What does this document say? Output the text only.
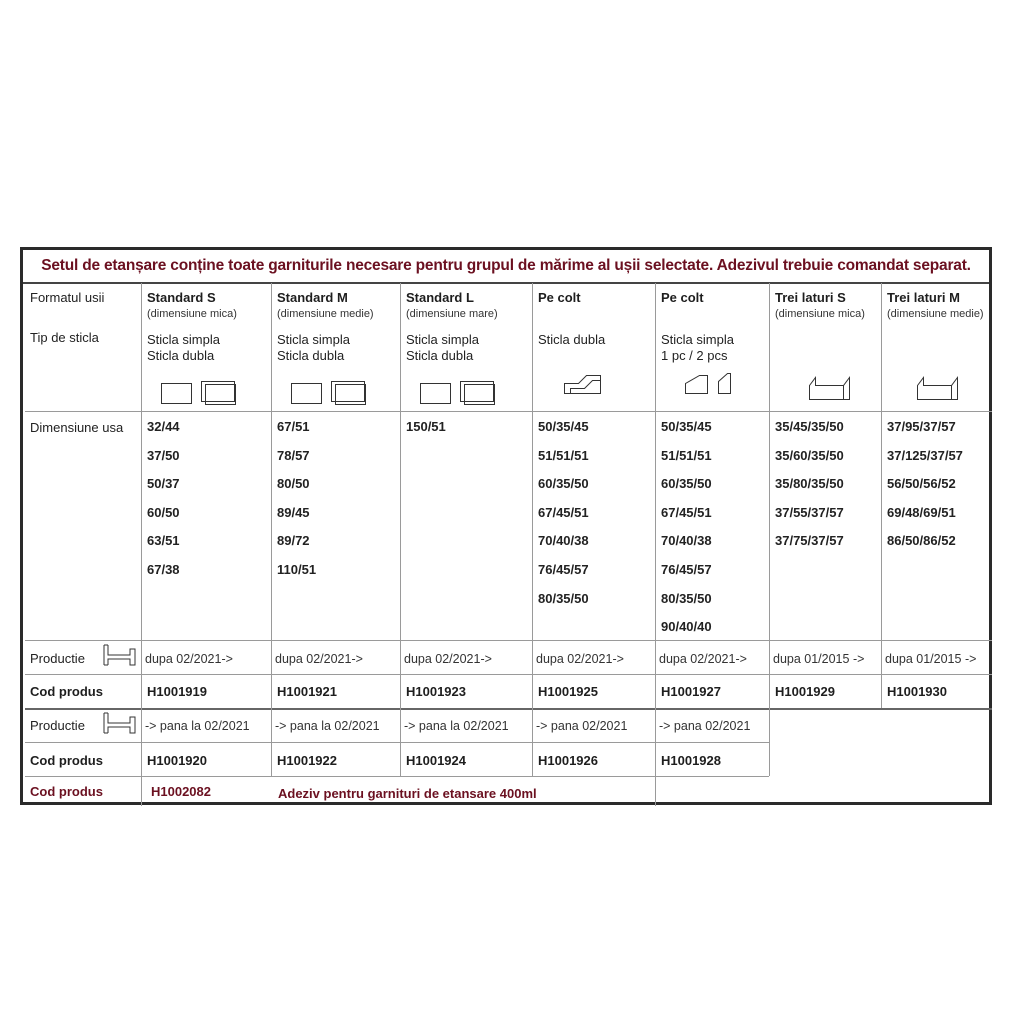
Setul de etanșare conține toate garniturile necesare pentru grupul de mărime al ușii selectate. Adezivul trebuie comandat separat.
Formatul usii
Tip de sticla
Dimensiune usa
Productie
Cod produs
Productie
Cod produs
Cod produs
Standard S
(dimensiune mica)
Sticla simpla
Sticla dubla
32/44
37/50
50/37
60/50
63/51
67/38
dupa 02/2021->
H1001919
-> pana la 02/2021
H1001920
Standard M
(dimensiune medie)
Sticla simpla
Sticla dubla
67/51
78/57
80/50
89/45
89/72
110/51
dupa 02/2021->
H1001921
-> pana la 02/2021
H1001922
Standard L
(dimensiune mare)
Sticla simpla
Sticla dubla
150/51
dupa 02/2021->
H1001923
-> pana la 02/2021
H1001924
Pe colt
Sticla dubla
50/35/45
51/51/51
60/35/50
67/45/51
70/40/38
76/45/57
80/35/50
dupa 02/2021->
H1001925
-> pana 02/2021
H1001926
Pe colt
Sticla simpla
1 pc / 2 pcs
50/35/45
51/51/51
60/35/50
67/45/51
70/40/38
76/45/57
80/35/50
90/40/40
dupa 02/2021->
H1001927
-> pana 02/2021
H1001928
Trei laturi S
(dimensiune mica)
35/45/35/50
35/60/35/50
35/80/35/50
37/55/37/57
37/75/37/57
dupa 01/2015 ->
H1001929
Trei laturi M
(dimensiune medie)
37/95/37/57
37/125/37/57
56/50/56/52
69/48/69/51
86/50/86/52
dupa 01/2015 ->
H1001930
H1002082	Adeziv pentru garnituri de etansare 400ml
